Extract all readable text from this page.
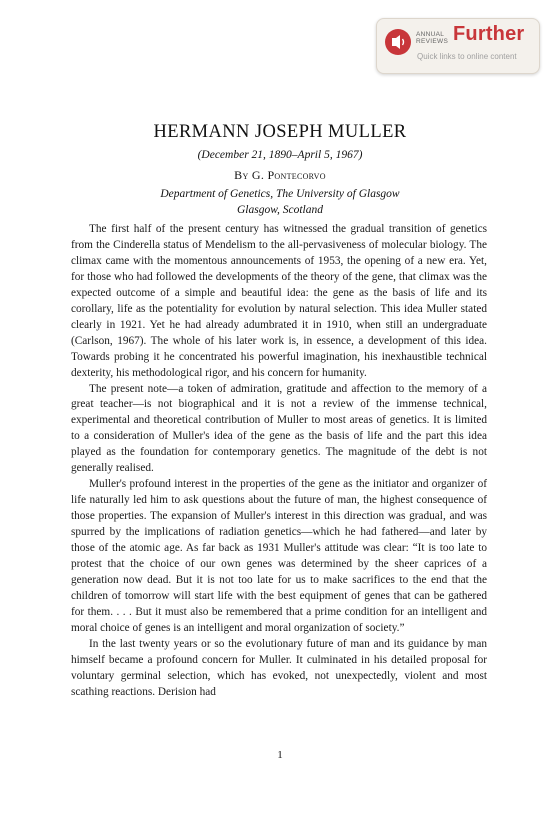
ANNUAL
REVIEWS Further
Quick links to online content
HERMANN JOSEPH MULLER
(December 21, 1890–April 5, 1967)
By G. Pontecorvo
Department of Genetics, The University of Glasgow
Glasgow, Scotland

The first half of the present century has witnessed the gradual transition of genetics from the Cinderella status of Mendelism to the all-pervasiveness of molecular biology. The climax came with the momentous announcements of 1953, the opening of a new era. Yet, for those who had followed the developments of the theory of the gene, that climax was the expected outcome of a simple and beautiful idea: the gene as the basis of life and its corollary, life as the potentiality for evolution by natural selection. This idea Muller stated clearly in 1921. Yet he had already adumbrated it in 1910, when still an undergraduate (Carlson, 1967). The whole of his later work is, in essence, a development of this idea. Towards probing it he concentrated his powerful imagination, his inexhaustible technical dexterity, his methodological rigor, and his concern for humanity.

The present note—a token of admiration, gratitude and affection to the memory of a great teacher—is not biographical and it is not a review of the immense technical, experimental and theoretical contribution of Muller to most areas of genetics. It is limited to a consideration of Muller's idea of the gene as the basis of life and the part this idea played as the foundation for contemporary genetics. The magnitude of the debt is not generally realised.

Muller's profound interest in the properties of the gene as the initiator and organizer of life naturally led him to ask questions about the future of man, the highest consequence of those properties. The expansion of Muller's interest in this direction was gradual, and was spurred by the implications of radiation genetics—which he had fathered—and later by those of the atomic age. As far back as 1931 Muller's attitude was clear: “It is too late to protest that the choice of our own genes was determined by the sheer caprices of a generation now dead. But it is not too late for us to make sacrifices to the end that the children of tomorrow will start life with the best equipment of genes that can be gathered for them. . . . But it must also be remembered that a prime condition for an intelligent and moral choice of genes is an intelligent and moral organization of society.”

In the last twenty years or so the evolutionary future of man and its guidance by man himself became a profound concern for Muller. It culminated in his detailed proposal for voluntary germinal selection, which has evoked, not unexpectedly, violent and most scathing reactions. Derision had

1
